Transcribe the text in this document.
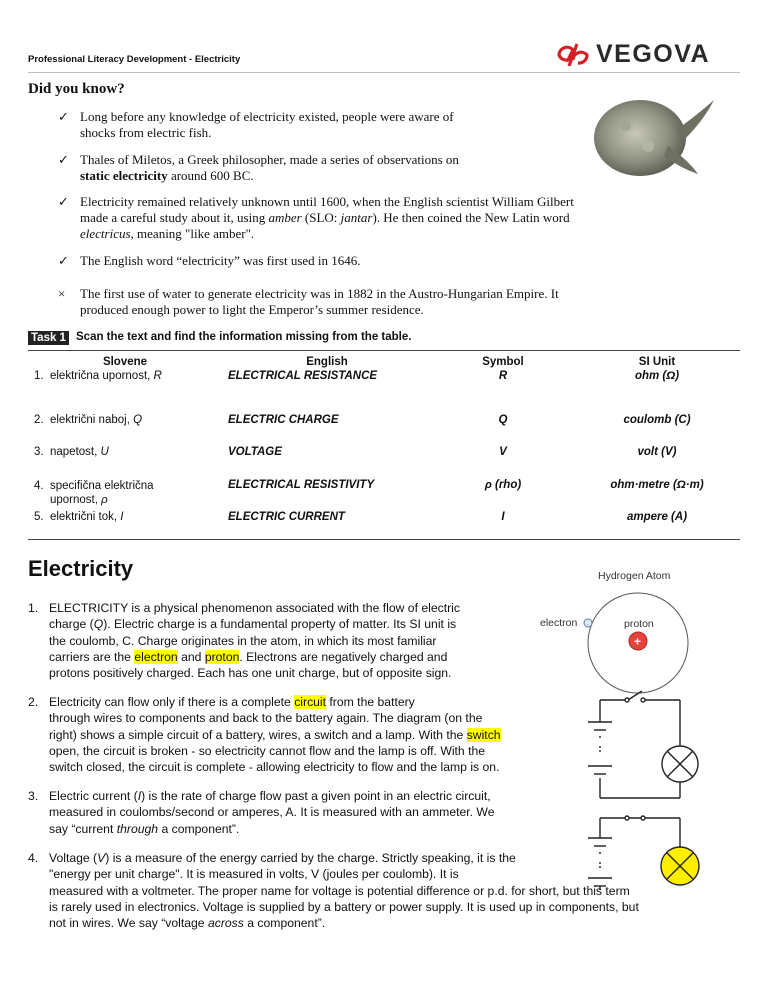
Professional Literacy Development - Electricity	VEGOVA
Did you know?
✓ Long before any knowledge of electricity existed, people were aware of
shocks from electric fish.
✓ Thales of Miletos, a Greek philosopher, made a series of observations on
static electricity around 600 BC.
✓ Electricity remained relatively unknown until 1600, when the English scientist William Gilbert
made a careful study about it, using amber (SLO: jantar). He then coined the New Latin word
electricus, meaning "like amber".
✓ The English word “electricity” was first used in 1646.
× The first use of water to generate electricity was in 1882 in the Austro-Hungarian Empire. It
produced enough power to light the Emperor’s summer residence.
Task 1 Scan the text and find the information missing from the table.
Slovene	English	Symbol	SI Unit
1. električna upornost, R	ELECTRICAL RESISTANCE	R	ohm (Ω)
2. električni naboj, Q	ELECTRIC CHARGE	Q	coulomb (C)
3. napetost, U	VOLTAGE	V	volt (V)
4. specifična električna
upornost, ρ	ELECTRICAL RESISTIVITY	ρ (rho)	ohm·metre (Ω·m)
5. električni tok, I	ELECTRIC CURRENT	I	ampere (A)
Electricity	Hydrogen Atom
-
electron	proton
+
1. ELECTRICITY is a physical phenomenon associated with the flow of electric
charge (Q). Electric charge is a fundamental property of matter. Its SI unit is
the coulomb, C. Charge originates in the atom, in which its most familiar
carriers are the electron and proton. Electrons are negatively charged and
protons positively charged. Each has one unit charge, but of opposite sign.
2. Electricity can flow only if there is a complete circuit from the battery
through wires to components and back to the battery again. The diagram (on the
right) shows a simple circuit of a battery, wires, a switch and a lamp. With the switch
open, the circuit is broken - so electricity cannot flow and the lamp is off. With the
switch closed, the circuit is complete - allowing electricity to flow and the lamp is on.
3. Electric current (I) is the rate of charge flow past a given point in an electric circuit,
measured in coulombs/second or amperes, A. It is measured with an ammeter. We
say “current through a component”.
4. Voltage (V) is a measure of the energy carried by the charge. Strictly speaking, it is the
"energy per unit charge". It is measured in volts, V (joules per coulomb). It is
measured with a voltmeter. The proper name for voltage is potential difference or p.d. for short, but this term
is rarely used in electronics. Voltage is supplied by a battery or power supply. It is used up in components, but
not in wires. We say “voltage across a component”.
